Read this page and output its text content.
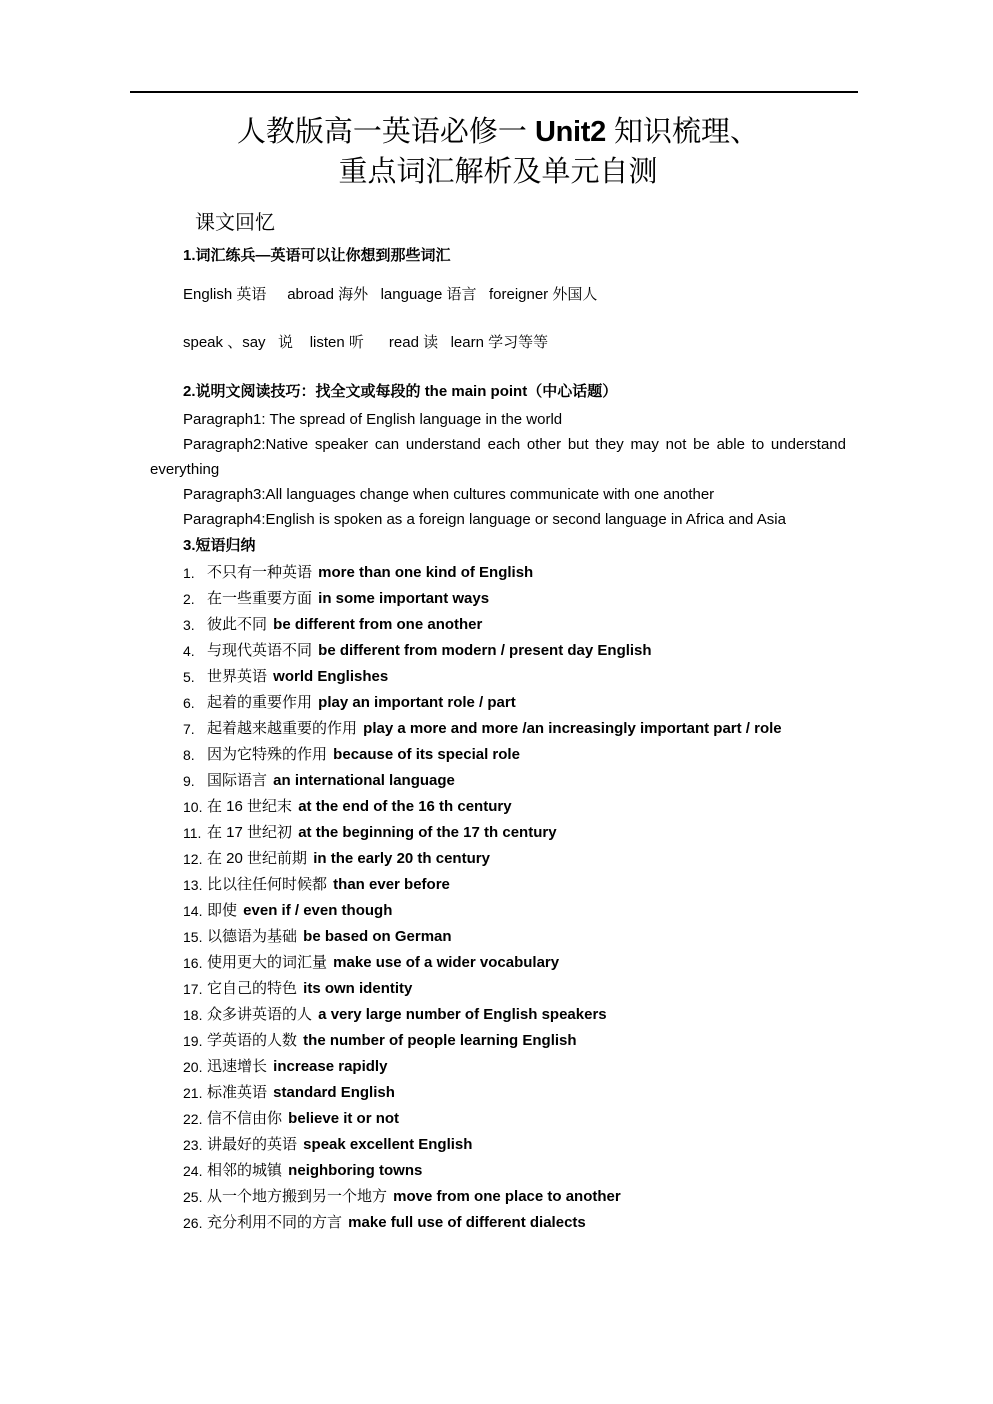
人教版高一英语必修一 Unit2 知识梳理、
重点词汇解析及单元自测
课文回忆
1.词汇练兵—英语可以让你想到那些词汇
English 英语     abroad 海外   language 语言   foreigner 外国人
speak 、say   说    listen 听      read 读   learn 学习等等
2.说明文阅读技巧：找全文或每段的 the main point（中心话题）

Paragraph1: The spread of English language in the world

Paragraph2:Native speaker can understand each other but they may not be able to understand everything

Paragraph3:All languages change when cultures communicate with one another

Paragraph4:English is spoken as a foreign language or second language in Africa and Asia

3.短语归纳
1. 不只有一种英语 more than one kind of English
2. 在一些重要方面 in some important ways
3. 彼此不同 be different from one another
4. 与现代英语不同 be different from modern / present day English
5. 世界英语 world Englishes
6. 起着的重要作用 play an important role / part
7. 起着越来越重要的作用 play a more and more /an increasingly important part / role
8. 因为它特殊的作用 because of its special role
9. 国际语言 an international language
10. 在 16 世纪末 at the end of the 16 th century
11. 在 17 世纪初 at the beginning of the 17 th century
12. 在 20 世纪前期 in the early 20 th century
13. 比以往任何时候都 than ever before
14. 即使 even if / even though
15. 以德语为基础 be based on German
16. 使用更大的词汇量 make use of a wider vocabulary
17. 它自己的特色 its own identity
18. 众多讲英语的人 a very large number of English speakers
19. 学英语的人数 the number of people learning English
20. 迅速增长 increase rapidly
21. 标准英语 standard English
22. 信不信由你 believe it or not
23. 讲最好的英语 speak excellent English
24. 相邻的城镇 neighboring towns
25. 从一个地方搬到另一个地方 move from one place to another
26. 充分利用不同的方言 make full use of different dialects
